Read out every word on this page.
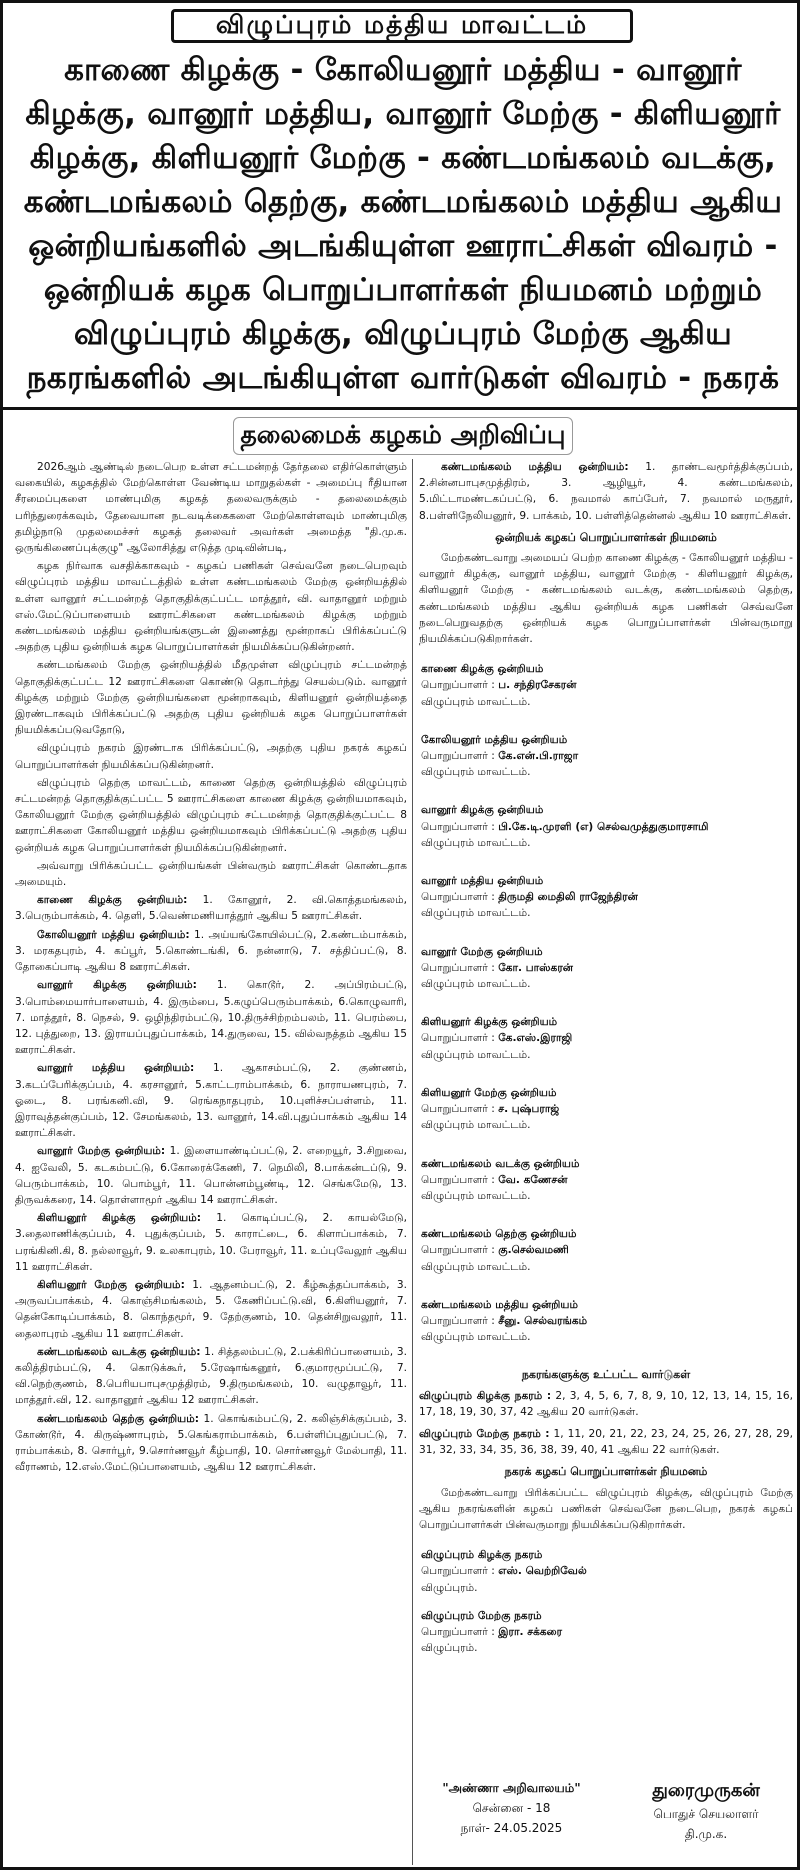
விழுப்புரம் மத்திய மாவட்டம்
காணை கிழக்கு - கோலியனூர் மத்திய - வானூர் கிழக்கு, வானூர் மத்திய, வானூர் மேற்கு - கிளியனூர் கிழக்கு, கிளியனூர் மேற்கு - கண்டமங்கலம் வடக்கு, கண்டமங்கலம் தெற்கு, கண்டமங்கலம் மத்திய ஆகிய ஒன்றியங்களில் அடங்கியுள்ள ஊராட்சிகள் விவரம் - ஒன்றியக் கழக பொறுப்பாளர்கள் நியமனம் மற்றும் விழுப்புரம் கிழக்கு, விழுப்புரம் மேற்கு ஆகிய நகரங்களில் அடங்கியுள்ள வார்டுகள் விவரம் - நகரக்
தலைமைக் கழகம் அறிவிப்பு
2026ஆம் ஆண்டில் நடைபெற உள்ள சட்டமன்றத் தேர்தலை எதிர்கொள்ளும் வகையில், கழகத்தில் மேற்கொள்ள வேண்டிய மாறுதல்கள் - அமைப்பு ரீதியான சீரமைப்புகளை மாண்புமிகு கழகத் தலைவருக்கும் - தலைமைக்கும் பரிந்துரைக்கவும், தேவையான நடவடிக்கைகளை மேற்கொள்ளவும் மாண்புமிகு தமிழ்நாடு முதலமைச்சர் கழகத் தலைவர் அவர்கள் அமைத்த "தி.மு.க. ஒருங்கிணைப்புக்குழு" ஆலோசித்து எடுத்த முடிவின்படி,
கழக நிர்வாக வசதிக்காகவும் - கழகப் பணிகள் செவ்வனே நடைபெறவும் விழுப்புரம் மத்திய மாவட்டத்தில் உள்ள கண்டமங்கலம் மேற்கு ஒன்றியத்தில் உள்ள வானூர் சட்டமன்றத் தொகுதிக்குட்பட்ட மாத்தூர், வி. வாதானூர் மற்றும் எஸ்.மேட்டுப்பாளையம் ஊராட்சிகளை கண்டமங்கலம் கிழக்கு மற்றும் கண்டமங்கலம் மத்திய ஒன்றியங்களுடன் இணைத்து மூன்றாகப் பிரிக்கப்பட்டு அதற்கு புதிய ஒன்றியக் கழக பொறுப்பாளர்கள் நியமிக்கப்படுகின்றனர்.
கண்டமங்கலம் மேற்கு ஒன்றியத்தில் மீதமுள்ள விழுப்புரம் சட்டமன்றத் தொகுதிக்குட்பட்ட 12 ஊராட்சிகளை கொண்டு தொடர்ந்து செயல்படும். வானூர் கிழக்கு மற்றும் மேற்கு ஒன்றியங்களை மூன்றாகவும், கிளியனூர் ஒன்றியத்தை இரண்டாகவும் பிரிக்கப்பட்டு அதற்கு புதிய ஒன்றியக் கழக பொறுப்பாளர்கள் நியமிக்கப்படுவதோடு,
விழுப்புரம் நகரம் இரண்டாக பிரிக்கப்பட்டு, அதற்கு புதிய நகரக் கழகப் பொறுப்பாளர்கள் நியமிக்கப்படுகின்றனர்.
விழுப்புரம் தெற்கு மாவட்டம், காணை தெற்கு ஒன்றியத்தில் விழுப்புரம் சட்டமன்றத் தொகுதிக்குட்பட்ட 5 ஊராட்சிகளை காணை கிழக்கு ஒன்றியமாகவும், கோலியனூர் மேற்கு ஒன்றியத்தில் விழுப்புரம் சட்டமன்றத் தொகுதிக்குட்பட்ட 8 ஊராட்சிகளை கோலியனூர் மத்திய ஒன்றியமாகவும் பிரிக்கப்பட்டு அதற்கு புதிய ஒன்றியக் கழக பொறுப்பாளர்கள் நியமிக்கப்படுகின்றனர்.
அவ்வாறு பிரிக்கப்பட்ட ஒன்றியங்கள் பின்வரும் ஊராட்சிகள் கொண்டதாக அமையும்.
காணை கிழக்கு ஒன்றியம்: 1. கோனூர், 2. வி.கொத்தமங்கலம், 3.பெரும்பாக்கம், 4. தெளி, 5.வெண்மணியாத்தூர் ஆகிய 5 ஊராட்சிகள்.
கோலியனூர் மத்திய ஒன்றியம்: 1. அய்யங்கோயில்பட்டு, 2.கண்டம்பாக்கம், 3. மரகதபுரம், 4. கப்பூர், 5.கொண்டங்கி, 6. நன்னாடு, 7. சத்திப்பட்டு, 8. தோகைப்பாடி ஆகிய 8 ஊராட்சிகள்.
வானூர் கிழக்கு ஒன்றியம்: 1. கொடூர், 2. அப்பிரம்பட்டு, 3.பொம்மையார்பாளையம், 4. இரும்பை, 5.கழுப்பெரும்பாக்கம், 6.கொழுவாரி, 7. மாத்தூர், 8. நெசல், 9. ஒழிந்திரம்பட்டு, 10.திருச்சிற்றம்பலம், 11. பெரம்பை, 12. புத்துறை, 13. இராயப்புதுப்பாக்கம், 14.துருவை, 15. வில்வநத்தம் ஆகிய 15 ஊராட்சிகள்.
வானூர் மத்திய ஒன்றியம்: 1. ஆகாசம்பட்டு, 2. குண்ணம், 3.கடப்பேரிக்குப்பம், 4. கரசானூர், 5.காட்டராம்பாக்கம், 6. நாராயணபுரம், 7. ஓடை, 8. பரங்கனி.வி, 9. ரெங்கநாதபுரம், 10.புளிச்சப்பள்ளம், 11. இராவுத்தன்குப்பம், 12. சேமங்கலம், 13. வானூர், 14.வி.புதுப்பாக்கம் ஆகிய 14 ஊராட்சிகள்.
வானூர் மேற்கு ஒன்றியம்: 1. இளையாண்டிப்பட்டு, 2. எறையூர், 3.சிறுவை, 4. ஐவேலி, 5. கடகம்பட்டு, 6.கோரைக்கேணி, 7. நெமிலி, 8.பாக்கன்டப்டு, 9. பெரும்பாக்கம், 10. பொம்பூர், 11. பொன்னம்பூண்டி, 12. செங்கமேடு, 13. திருவக்கரை, 14. தொள்ளாமூர் ஆகிய 14 ஊராட்சிகள்.
கிளியனூர் கிழக்கு ஒன்றியம்: 1. கொடிப்பட்டு, 2. காயல்மேடு, 3.தைலாணிக்குப்பம், 4. புதுக்குப்பம், 5. காராட்டை, 6. கிளாப்பாக்கம், 7. பரங்கினி.கி, 8. நல்லாவூர், 9. உலகாபுரம், 10. பேராவூர், 11. உப்புவேலூர் ஆகிய 11 ஊராட்சிகள்.
கிளியனூர் மேற்கு ஒன்றியம்: 1. ஆதனம்பட்டு, 2. கீழ்கூத்தப்பாக்கம், 3. அருவப்பாக்கம், 4. கொஞ்சிமங்கலம், 5. கேணிப்பட்டு.வி, 6.கிளியனூர், 7. தென்கோடிப்பாக்கம், 8. கொந்தமூர், 9. தேற்குணம், 10. தென்சிறுவலூர், 11. தைலாபுரம் ஆகிய 11 ஊராட்சிகள்.
கண்டமங்கலம் வடக்கு ஒன்றியம்: 1. சித்தலம்பட்டு, 2.பக்கிரிப்பாளையம், 3. கலித்திரம்பட்டு, 4. கொடுக்கூர், 5.ரேஷாங்கனூர், 6.குமாரமூப்பட்டு, 7. வி.நெற்குணம், 8.பெரியபாபுசமுத்திரம், 9.திருமங்கலம், 10. வழுதாவூர், 11. மாத்தூர்.வி, 12. வாதானூர் ஆகிய 12 ஊராட்சிகள்.
கண்டமங்கலம் தெற்கு ஒன்றியம்: 1. கொங்கம்பட்டு, 2. கலிஞ்சிக்குப்பம், 3. கோண்டூர், 4. கிருஷ்ணாபுரம், 5.கெங்கராம்பாக்கம், 6.பள்ளிப்புதுப்பட்டு, 7. ராம்பாக்கம், 8. சொர்பூர், 9.சொர்ணவூர் கீழ்பாதி, 10. சொர்ணவூர் மேல்பாதி, 11. வீராணம், 12.எஸ்.மேட்டுப்பாளையம், ஆகிய 12 ஊராட்சிகள்.
கண்டமங்கலம் மத்திய ஒன்றியம்: 1. தாண்டவமூர்த்திக்குப்பம், 2.சின்னபாபுசமுத்திரம், 3. ஆழியூர், 4. கண்டமங்கலம், 5.மிட்டாமண்டகப்பட்டு, 6. நவமால் காப்பேர், 7. நவமால் மருதூர், 8.பள்ளிநேலியனூர், 9. பாக்கம், 10. பள்ளித்தென்னல் ஆகிய 10 ஊராட்சிகள்.
ஒன்றியக் கழகப் பொறுப்பாளர்கள் நியமனம்
மேற்கண்டவாறு அமையப் பெற்ற காணை கிழக்கு - கோலியனூர் மத்திய - வானூர் கிழக்கு, வானூர் மத்திய, வானூர் மேற்கு - கிளியனூர் கிழக்கு, கிளியனூர் மேற்கு - கண்டமங்கலம் வடக்கு, கண்டமங்கலம் தெற்கு, கண்டமங்கலம் மத்திய ஆகிய ஒன்றியக் கழக பணிகள் செவ்வனே நடைபெறுவதற்கு ஒன்றியக் கழக பொறுப்பாளர்கள் பின்வருமாறு நியமிக்கப்படுகிறார்கள்.
காணை கிழக்கு ஒன்றியம்
பொறுப்பாளர் : ப. சந்திரசேகரன்
விழுப்புரம் மாவட்டம்.
கோலியனூர் மத்திய ஒன்றியம்
பொறுப்பாளர் : கே.என்.பி.ராஜா
விழுப்புரம் மாவட்டம்.
வானூர் கிழக்கு ஒன்றியம்
பொறுப்பாளர் : பி.கே.டி.முரளி (எ) செல்வமுத்துகுமாரசாமி
விழுப்புரம் மாவட்டம்.
வானூர் மத்திய ஒன்றியம்
பொறுப்பாளர் : திருமதி மைதிலி ராஜேந்திரன்
விழுப்புரம் மாவட்டம்.
வானூர் மேற்கு ஒன்றியம்
பொறுப்பாளர் : கோ. பாஸ்கரன்
விழுப்புரம் மாவட்டம்.
கிளியனூர் கிழக்கு ஒன்றியம்
பொறுப்பாளர் : கே.எஸ்.இராஜி
விழுப்புரம் மாவட்டம்.
கிளியனூர் மேற்கு ஒன்றியம்
பொறுப்பாளர் : ச. புஷ்பராஜ்
விழுப்புரம் மாவட்டம்.
கண்டமங்கலம் வடக்கு ஒன்றியம்
பொறுப்பாளர் : வே. கணேசன்
விழுப்புரம் மாவட்டம்.
கண்டமங்கலம் தெற்கு ஒன்றியம்
பொறுப்பாளர் : கு.செல்வமணி
விழுப்புரம் மாவட்டம்.
கண்டமங்கலம் மத்திய ஒன்றியம்
பொறுப்பாளர் : சீனு. செல்வரங்கம்
விழுப்புரம் மாவட்டம்.
நகரங்களுக்கு உட்பட்ட வார்டுகள்
விழுப்புரம் கிழக்கு நகரம் : 2, 3, 4, 5, 6, 7, 8, 9, 10, 12, 13, 14, 15, 16, 17, 18, 19, 30, 37, 42 ஆகிய 20 வார்டுகள்.
விழுப்புரம் மேற்கு நகரம் : 1, 11, 20, 21, 22, 23, 24, 25, 26, 27, 28, 29, 31, 32, 33, 34, 35, 36, 38, 39, 40, 41 ஆகிய 22 வார்டுகள்.
நகரக் கழகப் பொறுப்பாளர்கள் நியமனம்
மேற்கண்டவாறு பிரிக்கப்பட்ட விழுப்புரம் கிழக்கு, விழுப்புரம் மேற்கு ஆகிய நகரங்களின் கழகப் பணிகள் செவ்வனே நடைபெற, நகரக் கழகப் பொறுப்பாளர்கள் பின்வருமாறு நியமிக்கப்படுகிறார்கள்.
விழுப்புரம் கிழக்கு நகரம்
பொறுப்பாளர் : எஸ். வெற்றிவேல்
விழுப்புரம்.
விழுப்புரம் மேற்கு நகரம்
பொறுப்பாளர் : இரா. சக்கரை
விழுப்புரம்.
"அண்ணா அறிவாலயம்"
சென்னை - 18
நாள்- 24.05.2025
துரைமுருகன்
பொதுச் செயலாளர்
தி.மு.க.
